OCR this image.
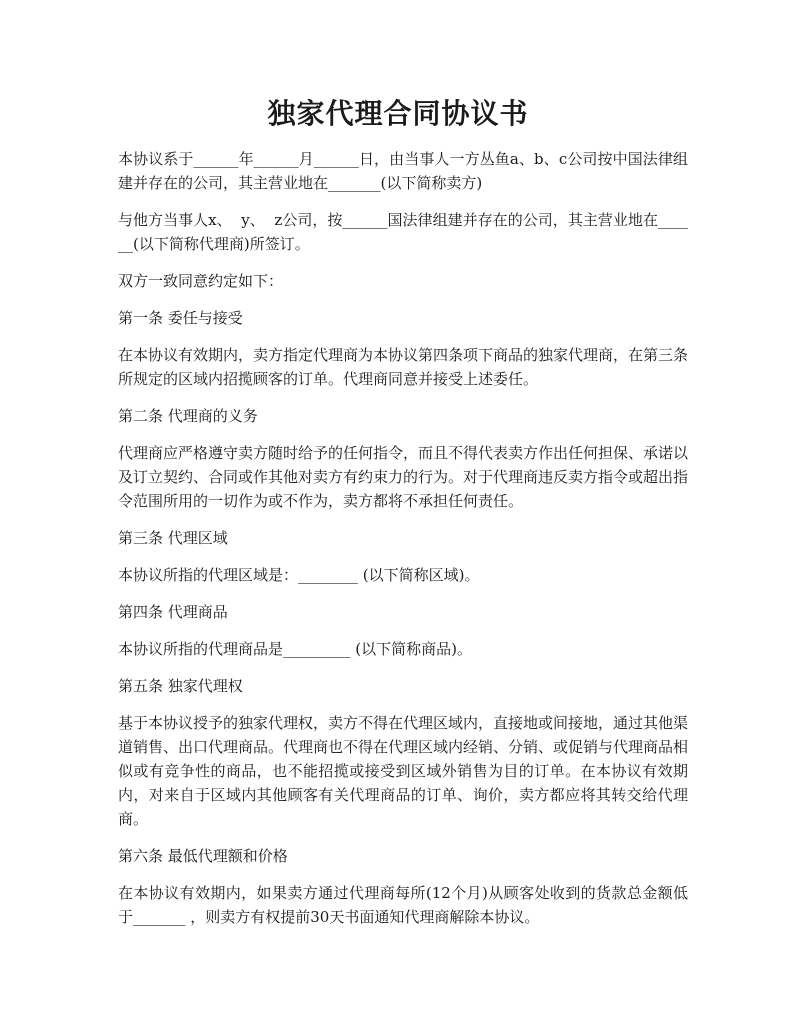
独家代理合同协议书

本协议系于______年______月______日，由当事人一方丛鱼a、b、c公司按中国法律组建并存在的公司，其主营业地在_______(以下简称卖方)

与他方当事人x、  y、  z公司，按______国法律组建并存在的公司，其主营业地在______(以下简称代理商)所签订。

双方一致同意约定如下：

第一条 委任与接受

在本协议有效期内，卖方指定代理商为本协议第四条项下商品的独家代理商，在第三条所规定的区域内招揽顾客的订单。代理商同意并接受上述委任。

第二条 代理商的义务

代理商应严格遵守卖方随时给予的任何指令，而且不得代表卖方作出任何担保、承诺以及订立契约、合同或作其他对卖方有约束力的行为。对于代理商违反卖方指令或超出指令范围所用的一切作为或不作为，卖方都将不承担任何责任。

第三条 代理区域

本协议所指的代理区域是：________ (以下简称区域)。

第四条 代理商品

本协议所指的代理商品是_________ (以下简称商品)。

第五条 独家代理权

基于本协议授予的独家代理权，卖方不得在代理区域内，直接地或间接地，通过其他渠道销售、出口代理商品。代理商也不得在代理区域内经销、分销、或促销与代理商品相似或有竞争性的商品，也不能招揽或接受到区域外销售为目的订单。在本协议有效期内，对来自于区域内其他顾客有关代理商品的订单、询价，卖方都应将其转交给代理商。

第六条 最低代理额和价格

在本协议有效期内，如果卖方通过代理商每所(12个月)从顾客处收到的货款总金额低于_______ ，则卖方有权提前30天书面通知代理商解除本协议。
